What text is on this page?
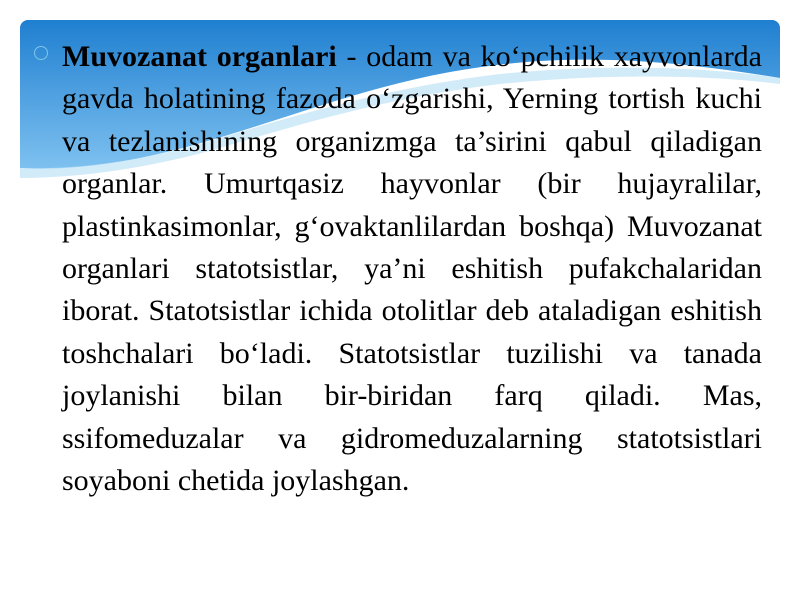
Muvozanat organlari - odam va ko‘pchilik xayvonlarda gavda holatining fazoda o‘zgarishi, Yerning tortish kuchi va tezlanishining organizmga ta’sirini qabul qiladigan organlar. Umurtqasiz hayvonlar (bir hujayralilar, plastinkasimonlar, g‘ovaktanlilardan boshqa) Muvozanat organlari statotsistlar, ya’ni eshitish pufakchalaridan iborat. Statotsistlar ichida otolitlar deb ataladigan eshitish toshchalari bo‘ladi. Statotsistlar tuzilishi va tanada joylanishi bilan bir-biridan farq qiladi. Mas, ssifomeduzalar va gidromeduzalarning statotsistlari soyaboni chetida joylashgan.
